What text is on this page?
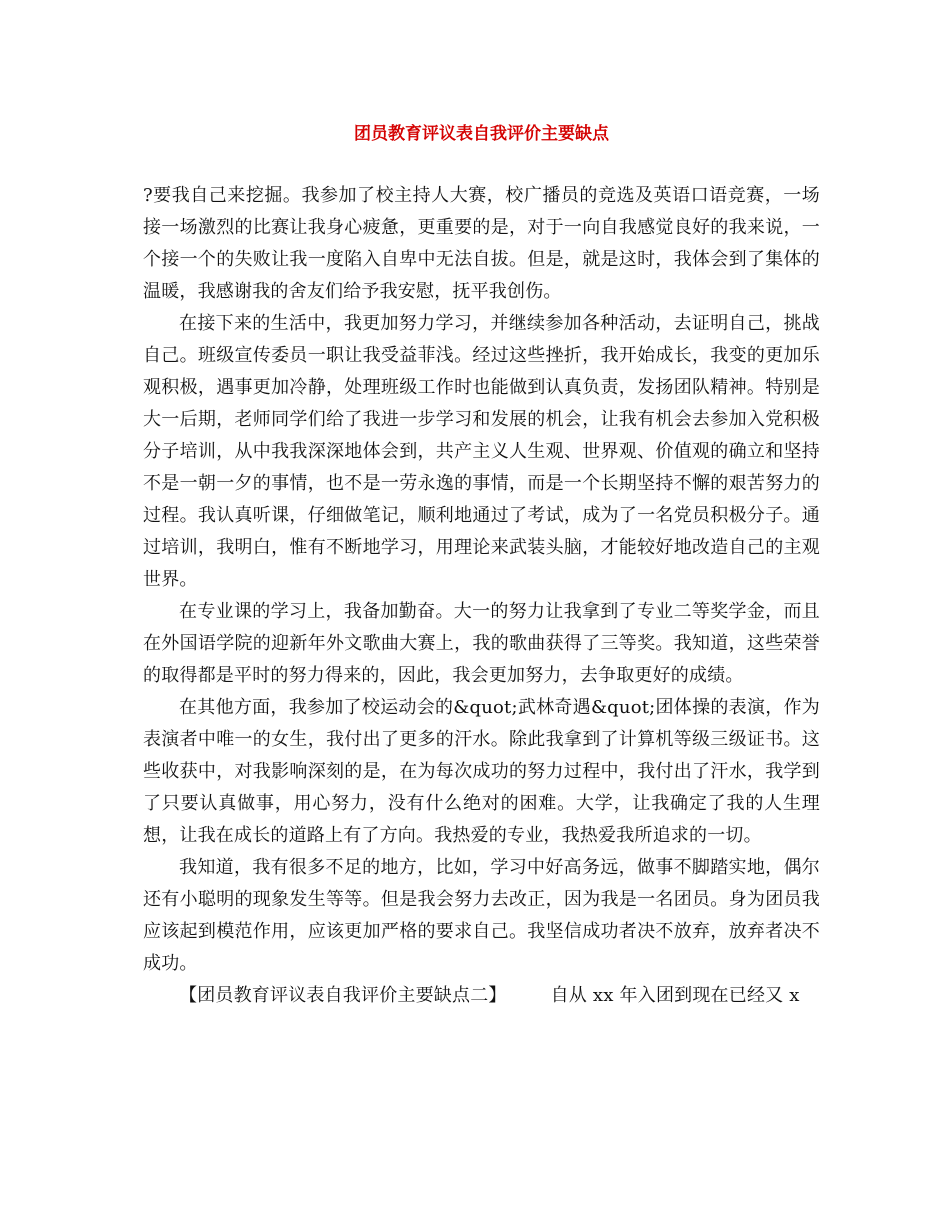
团员教育评议表自我评价主要缺点

?要我自己来挖掘。我参加了校主持人大赛，校广播员的竞选及英语口语竞赛，一场接一场激烈的比赛让我身心疲惫，更重要的是，对于一向自我感觉良好的我来说，一个接一个的失败让我一度陷入自卑中无法自拔。但是，就是这时，我体会到了集体的温暖，我感谢我的舍友们给予我安慰，抚平我创伤。

在接下来的生活中，我更加努力学习，并继续参加各种活动，去证明自己，挑战自己。班级宣传委员一职让我受益菲浅。经过这些挫折，我开始成长，我变的更加乐观积极，遇事更加冷静，处理班级工作时也能做到认真负责，发扬团队精神。特别是大一后期，老师同学们给了我进一步学习和发展的机会，让我有机会去参加入党积极分子培训，从中我我深深地体会到，共产主义人生观、世界观、价值观的确立和坚持不是一朝一夕的事情，也不是一劳永逸的事情，而是一个长期坚持不懈的艰苦努力的过程。我认真听课，仔细做笔记，顺利地通过了考试，成为了一名党员积极分子。通过培训，我明白，惟有不断地学习，用理论来武装头脑，才能较好地改造自己的主观世界。

在专业课的学习上，我备加勤奋。大一的努力让我拿到了专业二等奖学金，而且在外国语学院的迎新年外文歌曲大赛上，我的歌曲获得了三等奖。我知道，这些荣誉的取得都是平时的努力得来的，因此，我会更加努力，去争取更好的成绩。

在其他方面，我参加了校运动会的&quot;武林奇遇&quot;团体操的表演，作为表演者中唯一的女生，我付出了更多的汗水。除此我拿到了计算机等级三级证书。这些收获中，对我影响深刻的是，在为每次成功的努力过程中，我付出了汗水，我学到了只要认真做事，用心努力，没有什么绝对的困难。大学，让我确定了我的人生理想，让我在成长的道路上有了方向。我热爱的专业，我热爱我所追求的一切。

我知道，我有很多不足的地方，比如，学习中好高务远，做事不脚踏实地，偶尔还有小聪明的现象发生等等。但是我会努力去改正，因为我是一名团员。身为团员我应该起到模范作用，应该更加严格的要求自己。我坚信成功者决不放弃，放弃者决不成功。

【团员教育评议表自我评价主要缺点二】 自从 xx 年入团到现在已经又 x
